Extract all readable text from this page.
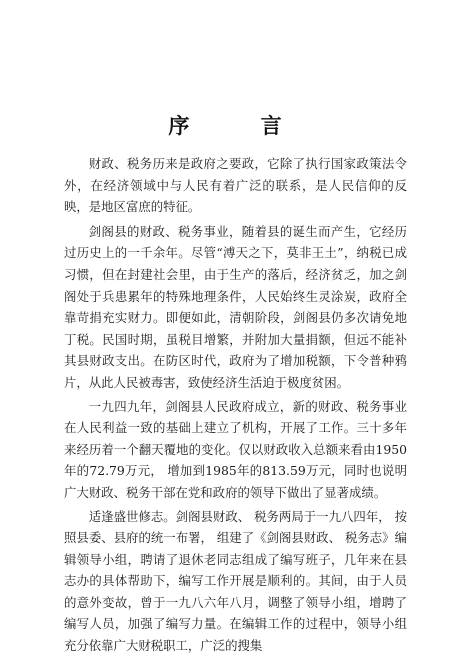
序 言

财政、税务历来是政府之要政，它除了执行国家政策法令外，在经济领域中与人民有着广泛的联系，是人民信仰的反映，是地区富庶的特征。

剑阁县的财政、税务事业，随着县的诞生而产生，它经历过历史上的一千余年。尽管“溥天之下，莫非王土”，纳税已成习惯，但在封建社会里，由于生产的落后，经济贫乏，加之剑阁处于兵患累年的特殊地理条件，人民始终生灵涂炭，政府全靠苛捐充实财力。即便如此，清朝阶段，剑阁县仍多次请免地丁税。民国时期，虽税目增繁，并附加大量捐额，但远不能补其县财政支出。在防区时代，政府为了增加税额，下令普种鸦片，从此人民被毒害，致使经济生活迫于极度贫困。

一九四九年，剑阁县人民政府成立，新的财政、税务事业在人民利益一致的基础上建立了机构，开展了工作。三十多年来经历着一个翻天覆地的变化。仅以财政收入总额来看由1950年的72.79万元， 增加到1985年的813.59万元，同时也说明广大财政、税务干部在党和政府的领导下做出了显著成绩。

适逢盛世修志。剑阁县财政、 税务两局于一九八四年， 按照县委、县府的统一布署， 组建了《剑阁县财政、 税务志》编辑领导小组，聘请了退休老同志组成了编写班子，几年来在县志办的具体帮助下，编写工作开展是顺利的。其间，由于人员的意外变故，曾于一九八六年八月，调整了领导小组，增聘了编写人员，加强了编写力量。在编辑工作的过程中，领导小组充分依靠广大财税职工，广泛的搜集
